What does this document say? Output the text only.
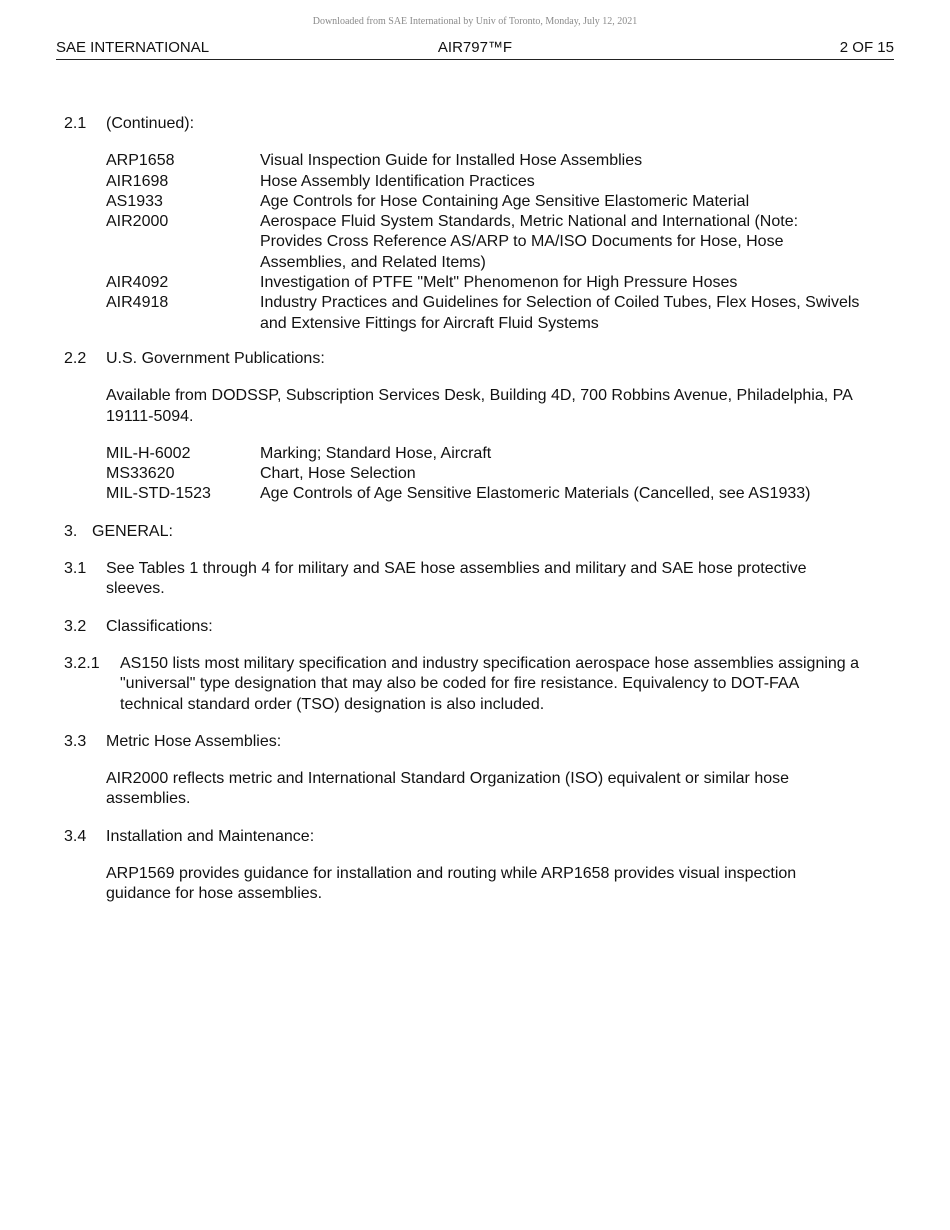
Downloaded from SAE International by Univ of Toronto, Monday, July 12, 2021
SAE INTERNATIONAL	AIR797™F	2 OF 15
2.1 (Continued):
ARP1658	Visual Inspection Guide for Installed Hose Assemblies
AIR1698	Hose Assembly Identification Practices
AS1933	Age Controls for Hose Containing Age Sensitive Elastomeric Material
AIR2000	Aerospace Fluid System Standards, Metric National and International (Note: Provides Cross Reference AS/ARP to MA/ISO Documents for Hose, Hose Assemblies, and Related Items)
AIR4092	Investigation of PTFE "Melt" Phenomenon for High Pressure Hoses
AIR4918	Industry Practices and Guidelines for Selection of Coiled Tubes, Flex Hoses, Swivels and Extensive Fittings for Aircraft Fluid Systems
2.2 U.S. Government Publications:
Available from DODSSP, Subscription Services Desk, Building 4D, 700 Robbins Avenue, Philadelphia, PA 19111-5094.
MIL-H-6002	Marking; Standard Hose, Aircraft
MS33620	Chart, Hose Selection
MIL-STD-1523	Age Controls of Age Sensitive Elastomeric Materials (Cancelled, see AS1933)
3. GENERAL:
3.1 See Tables 1 through 4 for military and SAE hose assemblies and military and SAE hose protective sleeves.
3.2 Classifications:
3.2.1 AS150 lists most military specification and industry specification aerospace hose assemblies assigning a "universal" type designation that may also be coded for fire resistance. Equivalency to DOT-FAA technical standard order (TSO) designation is also included.
3.3 Metric Hose Assemblies:
AIR2000 reflects metric and International Standard Organization (ISO) equivalent or similar hose assemblies.
3.4 Installation and Maintenance:
ARP1569 provides guidance for installation and routing while ARP1658 provides visual inspection guidance for hose assemblies.
